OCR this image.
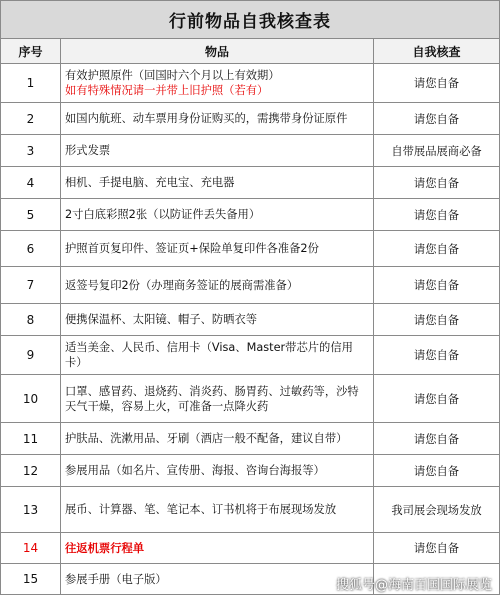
行前物品自我核查表		
序号	物品	自我核查
1	有效护照原件（回国时六个月以上有效期）
如有特殊情况请一并带上旧护照（若有）	请您自备
2	如国内航班、动车票用身份证购买的，需携带身份证原件	请您自备
3	形式发票	自带展品展商必备
4	相机、手提电脑、充电宝、充电器	请您自备
5	2寸白底彩照2张（以防证件丢失备用）	请您自备
6	护照首页复印件、签证页+保险单复印件各准备2份	请您自备
7	返签号复印2份（办理商务签证的展商需准备）	请您自备
8	便携保温杯、太阳镜、帽子、防晒衣等	请您自备
9	适当美金、人民币、信用卡（Visa、Master带芯片的信用卡）	请您自备
10	口罩、感冒药、退烧药、消炎药、肠胃药、过敏药等，沙特天气干燥，容易上火，可准备一点降火药	请您自备
11	护肤品、洗漱用品、牙刷（酒店一般不配备，建议自带）	请您自备
12	参展用品（如名片、宣传册、海报、咨询台海报等）	请您自备
13	展币、计算器、笔、笔记本、订书机将于布展现场发放	我司展会现场发放
14	往返机票行程单	请您自备
15	参展手册（电子版）		搜狐号@海南百国国际展览
